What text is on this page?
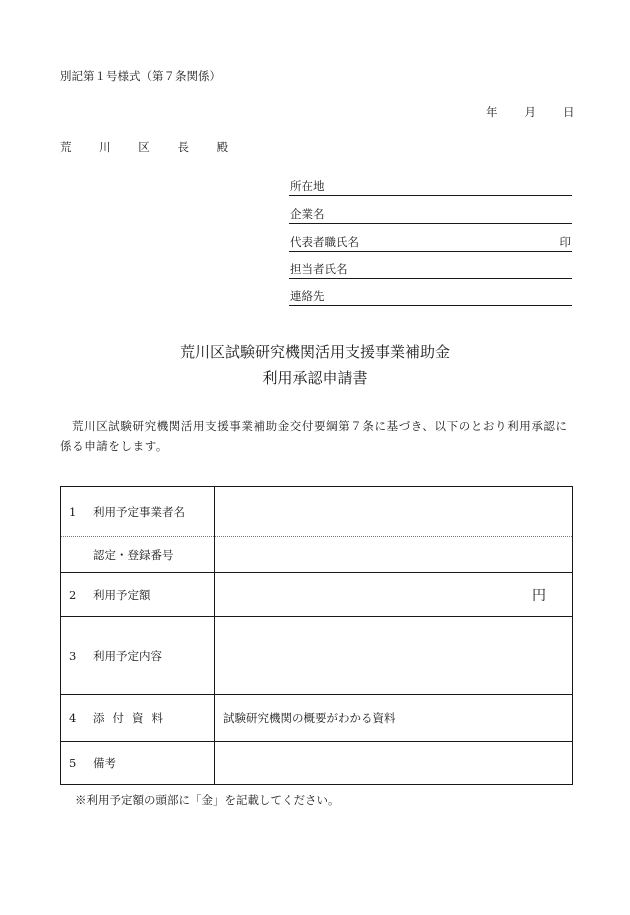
別記第１号様式（第７条関係）
年 月 日
荒 川 区 長 殿
所在地
企業名
代表者職氏名	印
担当者氏名
連絡先
荒川区試験研究機関活用支援事業補助金
利用承認申請書
荒川区試験研究機関活用支援事業補助金交付要綱第７条に基づき、以下のとおり利用承認に係る申請をします。
1 利用予定事業者名	
認定・登録番号	
2 利用予定額	円
3 利用予定内容	
4 添付資料	試験研究機関の概要がわかる資料
5 備考	
※利用予定額の頭部に「金」を記載してください。
